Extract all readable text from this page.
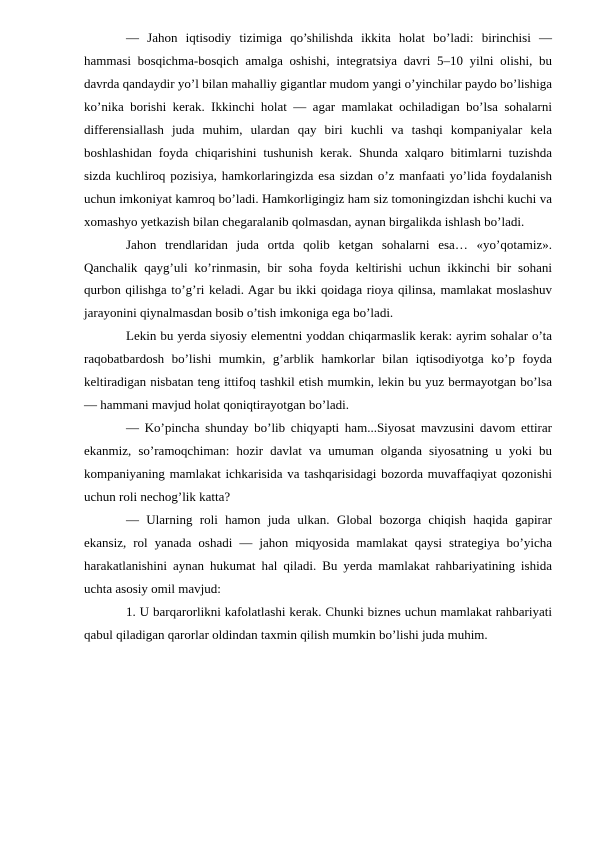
— Jahon iqtisodiy tizimiga qo’shilishda ikkita holat bo’ladi: birinchisi — hammasi bosqichma-bosqich amalga oshishi, integratsiya davri 5–10 yilni olishi, bu davrda qandaydir yo’l bilan mahalliy gigantlar mudom yangi o’yinchilar paydo bo’lishiga ko’nika borishi kerak. Ikkinchi holat — agar mamlakat ochiladigan bo’lsa sohalarni differensiallash juda muhim, ulardan qay biri kuchli va tashqi kompaniyalar kela boshlashidan foyda chiqarishini tushunish kerak. Shunda xalqaro bitimlarni tuzishda sizda kuchliroq pozisiya, hamkorlaringizda esa sizdan o’z manfaati yo’lida foydalanish uchun imkoniyat kamroq bo’ladi. Hamkorligingiz ham siz tomoningizdan ishchi kuchi va xomashyo yetkazish bilan chegaralanib qolmasdan, aynan birgalikda ishlash bo’ladi.

Jahon trendlaridan juda ortda qolib ketgan sohalarni esa… «yo’qotamiz». Qanchalik qayg’uli ko’rinmasin, bir soha foyda keltirishi uchun ikkinchi bir sohani qurbon qilishga to’g’ri keladi. Agar bu ikki qoidaga rioya qilinsa, mamlakat moslashuv jarayonini qiynalmasdan bosib o’tish imkoniga ega bo’ladi.

Lekin bu yerda siyosiy elementni yoddan chiqarmaslik kerak: ayrim sohalar o’ta raqobatbardosh bo’lishi mumkin, g’arblik hamkorlar bilan iqtisodiyotga ko’p foyda keltiradigan nisbatan teng ittifoq tashkil etish mumkin, lekin bu yuz bermayotgan bo’lsa — hammani mavjud holat qoniqtirayotgan bo’ladi.

— Ko’pincha shunday bo’lib chiqyapti ham...Siyosat mavzusini davom ettirar ekanmiz, so’ramoqchiman: hozir davlat va umuman olganda siyosatning u yoki bu kompaniyaning mamlakat ichkarisida va tashqarisidagi bozorda muvaffaqiyat qozonishi uchun roli nechog’lik katta?

— Ularning roli hamon juda ulkan. Global bozorga chiqish haqida gapirar ekansiz, rol yanada oshadi — jahon miqyosida mamlakat qaysi strategiya bo’yicha harakatlanishini aynan hukumat hal qiladi. Bu yerda mamlakat rahbariyatining ishida uchta asosiy omil mavjud:

1. U barqarorlikni kafolatlashi kerak. Chunki biznes uchun mamlakat rahbariyati qabul qiladigan qarorlar oldindan taxmin qilish mumkin bo’lishi juda muhim.
